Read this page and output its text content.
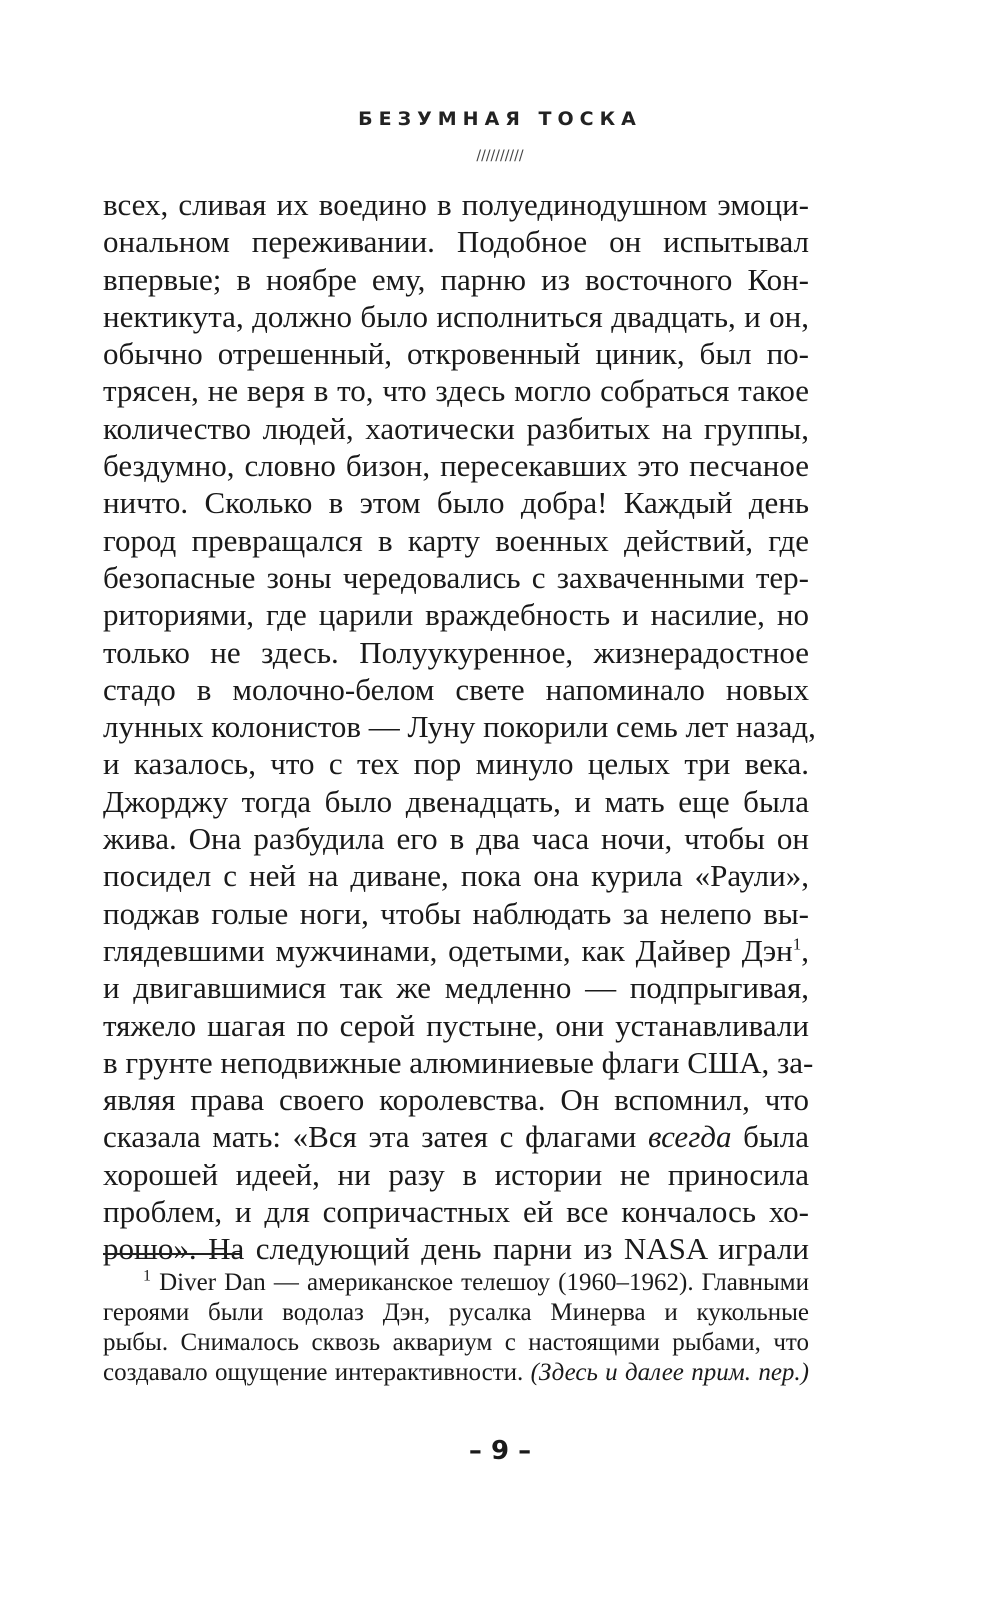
БЕЗУМНАЯ ТОСКА
//////////
всех, сливая их воедино в полуединодушном эмоци-
ональном переживании. Подобное он испытывал
впервые; в ноябре ему, парню из восточного Кон-
нектикута, должно было исполниться двадцать, и он,
обычно отрешенный, откровенный циник, был по-
трясен, не веря в то, что здесь могло собраться такое
количество людей, хаотически разбитых на группы,
бездумно, словно бизон, пересекавших это песчаное
ничто. Сколько в этом было добра! Каждый день
город превращался в карту военных действий, где
безопасные зоны чередовались с захваченными тер-
риториями, где царили враждебность и насилие, но
только не здесь. Полуукуренное, жизнерадостное
стадо в молочно-белом свете напоминало новых
лунных колонистов — Луну покорили семь лет назад,
и казалось, что с тех пор минуло целых три века.
Джорджу тогда было двенадцать, и мать еще была
жива. Она разбудила его в два часа ночи, чтобы он
посидел с ней на диване, пока она курила «Раули»,
поджав голые ноги, чтобы наблюдать за нелепо вы-
глядевшими мужчинами, одетыми, как Дайвер Дэн$^1$,
и двигавшимися так же медленно — подпрыгивая,
тяжело шагая по серой пустыне, они устанавливали
в грунте неподвижные алюминиевые флаги США, за-
являя права своего королевства. Он вспомнил, что
сказала мать: «Вся эта затея с флагами всегда была
хорошей идеей, ни разу в истории не приносила
проблем, и для сопричастных ей все кончалось хо-
рошо». На следующий день парни из NASA играли
$^1$ Diver Dan — американское телешоу (1960–1962). Главными
героями были водолаз Дэн, русалка Минерва и кукольные
рыбы. Снималось сквозь аквариум с настоящими рыбами, что
создавало ощущение интерактивности. (Здесь и далее прим. пер.)
– 9 –
